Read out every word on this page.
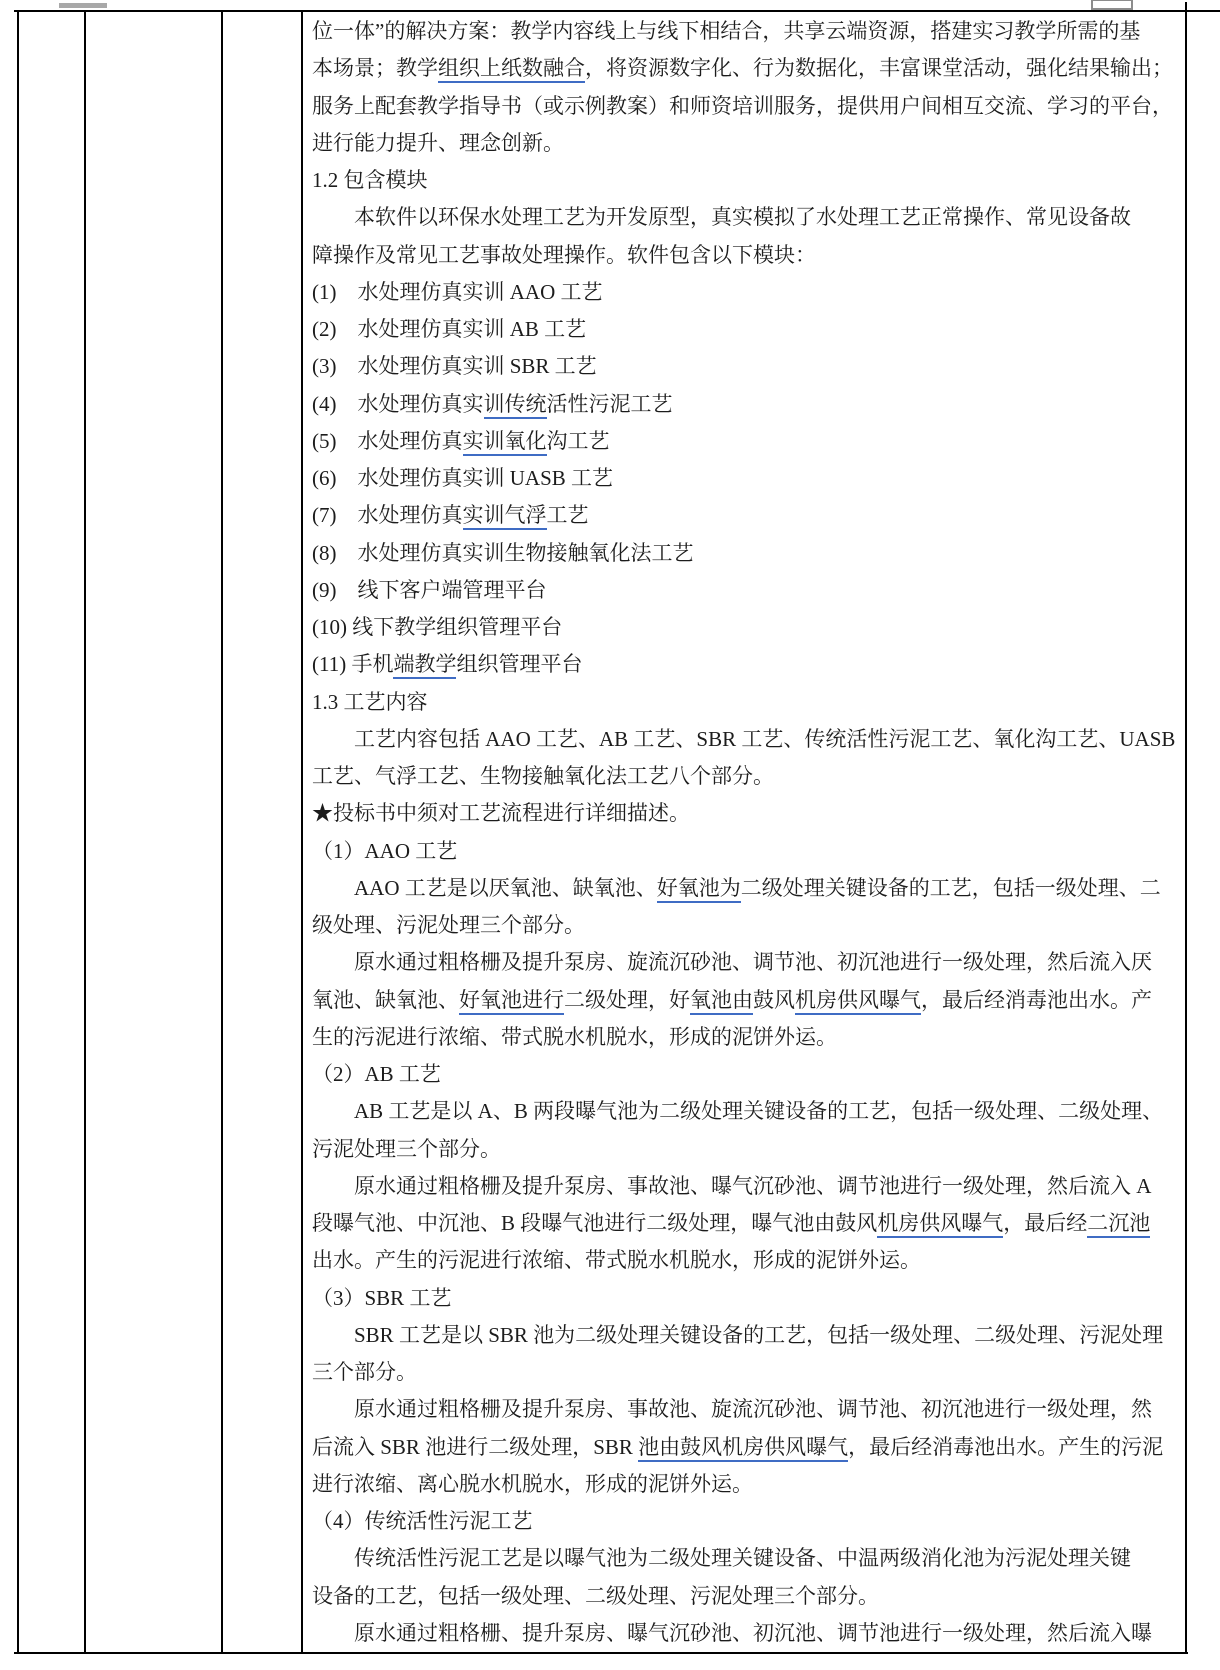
位一体”的解决方案：教学内容线上与线下相结合，共享云端资源，搭建实习教学所需的基
本场景；教学组织上纸数融合，将资源数字化、行为数据化，丰富课堂活动，强化结果输出；
服务上配套教学指导书（或示例教案）和师资培训服务，提供用户间相互交流、学习的平台，
进行能力提升、理念创新。
1.2 包含模块
　　本软件以环保水处理工艺为开发原型，真实模拟了水处理工艺正常操作、常见设备故
障操作及常见工艺事故处理操作。软件包含以下模块：
(1)    水处理仿真实训 AAO 工艺
(2)    水处理仿真实训 AB 工艺
(3)    水处理仿真实训 SBR 工艺
(4)    水处理仿真实训传统活性污泥工艺
(5)    水处理仿真实训氧化沟工艺
(6)    水处理仿真实训 UASB 工艺
(7)    水处理仿真实训气浮工艺
(8)    水处理仿真实训生物接触氧化法工艺
(9)    线下客户端管理平台
(10) 线下教学组织管理平台
(11) 手机端教学组织管理平台
1.3 工艺内容
　　工艺内容包括 AAO 工艺、AB 工艺、SBR 工艺、传统活性污泥工艺、氧化沟工艺、UASB
工艺、气浮工艺、生物接触氧化法工艺八个部分。
★投标书中须对工艺流程进行详细描述。
（1）AAO 工艺
　　AAO 工艺是以厌氧池、缺氧池、好氧池为二级处理关键设备的工艺，包括一级处理、二
级处理、污泥处理三个部分。
　　原水通过粗格栅及提升泵房、旋流沉砂池、调节池、初沉池进行一级处理，然后流入厌
氧池、缺氧池、好氧池进行二级处理，好氧池由鼓风机房供风曝气，最后经消毒池出水。产
生的污泥进行浓缩、带式脱水机脱水，形成的泥饼外运。
（2）AB 工艺
　　AB 工艺是以 A、B 两段曝气池为二级处理关键设备的工艺，包括一级处理、二级处理、
污泥处理三个部分。
　　原水通过粗格栅及提升泵房、事故池、曝气沉砂池、调节池进行一级处理，然后流入 A
段曝气池、中沉池、B 段曝气池进行二级处理，曝气池由鼓风机房供风曝气，最后经二沉池
出水。产生的污泥进行浓缩、带式脱水机脱水，形成的泥饼外运。
（3）SBR 工艺
　　SBR 工艺是以 SBR 池为二级处理关键设备的工艺，包括一级处理、二级处理、污泥处理
三个部分。
　　原水通过粗格栅及提升泵房、事故池、旋流沉砂池、调节池、初沉池进行一级处理，然
后流入 SBR 池进行二级处理，SBR 池由鼓风机房供风曝气，最后经消毒池出水。产生的污泥
进行浓缩、离心脱水机脱水，形成的泥饼外运。
（4）传统活性污泥工艺
　　传统活性污泥工艺是以曝气池为二级处理关键设备、中温两级消化池为污泥处理关键
设备的工艺，包括一级处理、二级处理、污泥处理三个部分。
　　原水通过粗格栅、提升泵房、曝气沉砂池、初沉池、调节池进行一级处理，然后流入曝
